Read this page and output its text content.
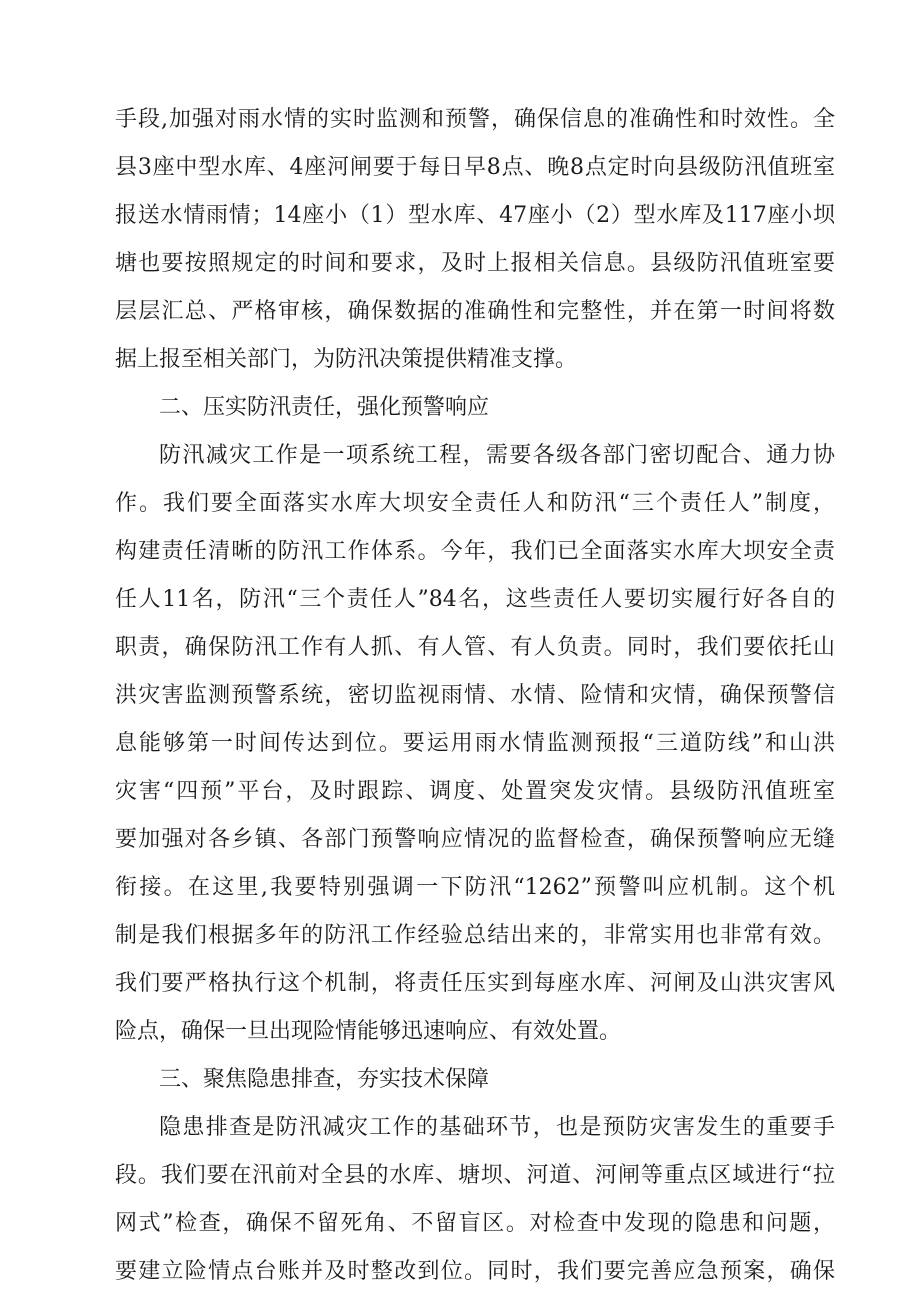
手段,加强对雨水情的实时监测和预警，确保信息的准确性和时效性。全
县3座中型水库、4座河闸要于每日早8点、晚8点定时向县级防汛值班室
报送水情雨情；14座小（1）型水库、47座小（2）型水库及117座小坝
塘也要按照规定的时间和要求，及时上报相关信息。县级防汛值班室要
层层汇总、严格审核，确保数据的准确性和完整性，并在第一时间将数
据上报至相关部门，为防汛决策提供精准支撑。
二、压实防汛责任，强化预警响应
防汛减灾工作是一项系统工程，需要各级各部门密切配合、通力协
作。我们要全面落实水库大坝安全责任人和防汛“三个责任人”制度，
构建责任清晰的防汛工作体系。今年，我们已全面落实水库大坝安全责
任人11名，防汛“三个责任人”84名，这些责任人要切实履行好各自的
职责，确保防汛工作有人抓、有人管、有人负责。同时，我们要依托山
洪灾害监测预警系统，密切监视雨情、水情、险情和灾情，确保预警信
息能够第一时间传达到位。要运用雨水情监测预报“三道防线”和山洪
灾害“四预”平台，及时跟踪、调度、处置突发灾情。县级防汛值班室
要加强对各乡镇、各部门预警响应情况的监督检查，确保预警响应无缝
衔接。在这里,我要特别强调一下防汛“1262”预警叫应机制。这个机
制是我们根据多年的防汛工作经验总结出来的，非常实用也非常有效。
我们要严格执行这个机制，将责任压实到每座水库、河闸及山洪灾害风
险点，确保一旦出现险情能够迅速响应、有效处置。
三、聚焦隐患排查，夯实技术保障
隐患排查是防汛减灾工作的基础环节，也是预防灾害发生的重要手
段。我们要在汛前对全县的水库、塘坝、河道、河闸等重点区域进行“拉
网式”检查，确保不留死角、不留盲区。对检查中发现的隐患和问题，
要建立险情点台账并及时整改到位。同时，我们要完善应急预案，确保
